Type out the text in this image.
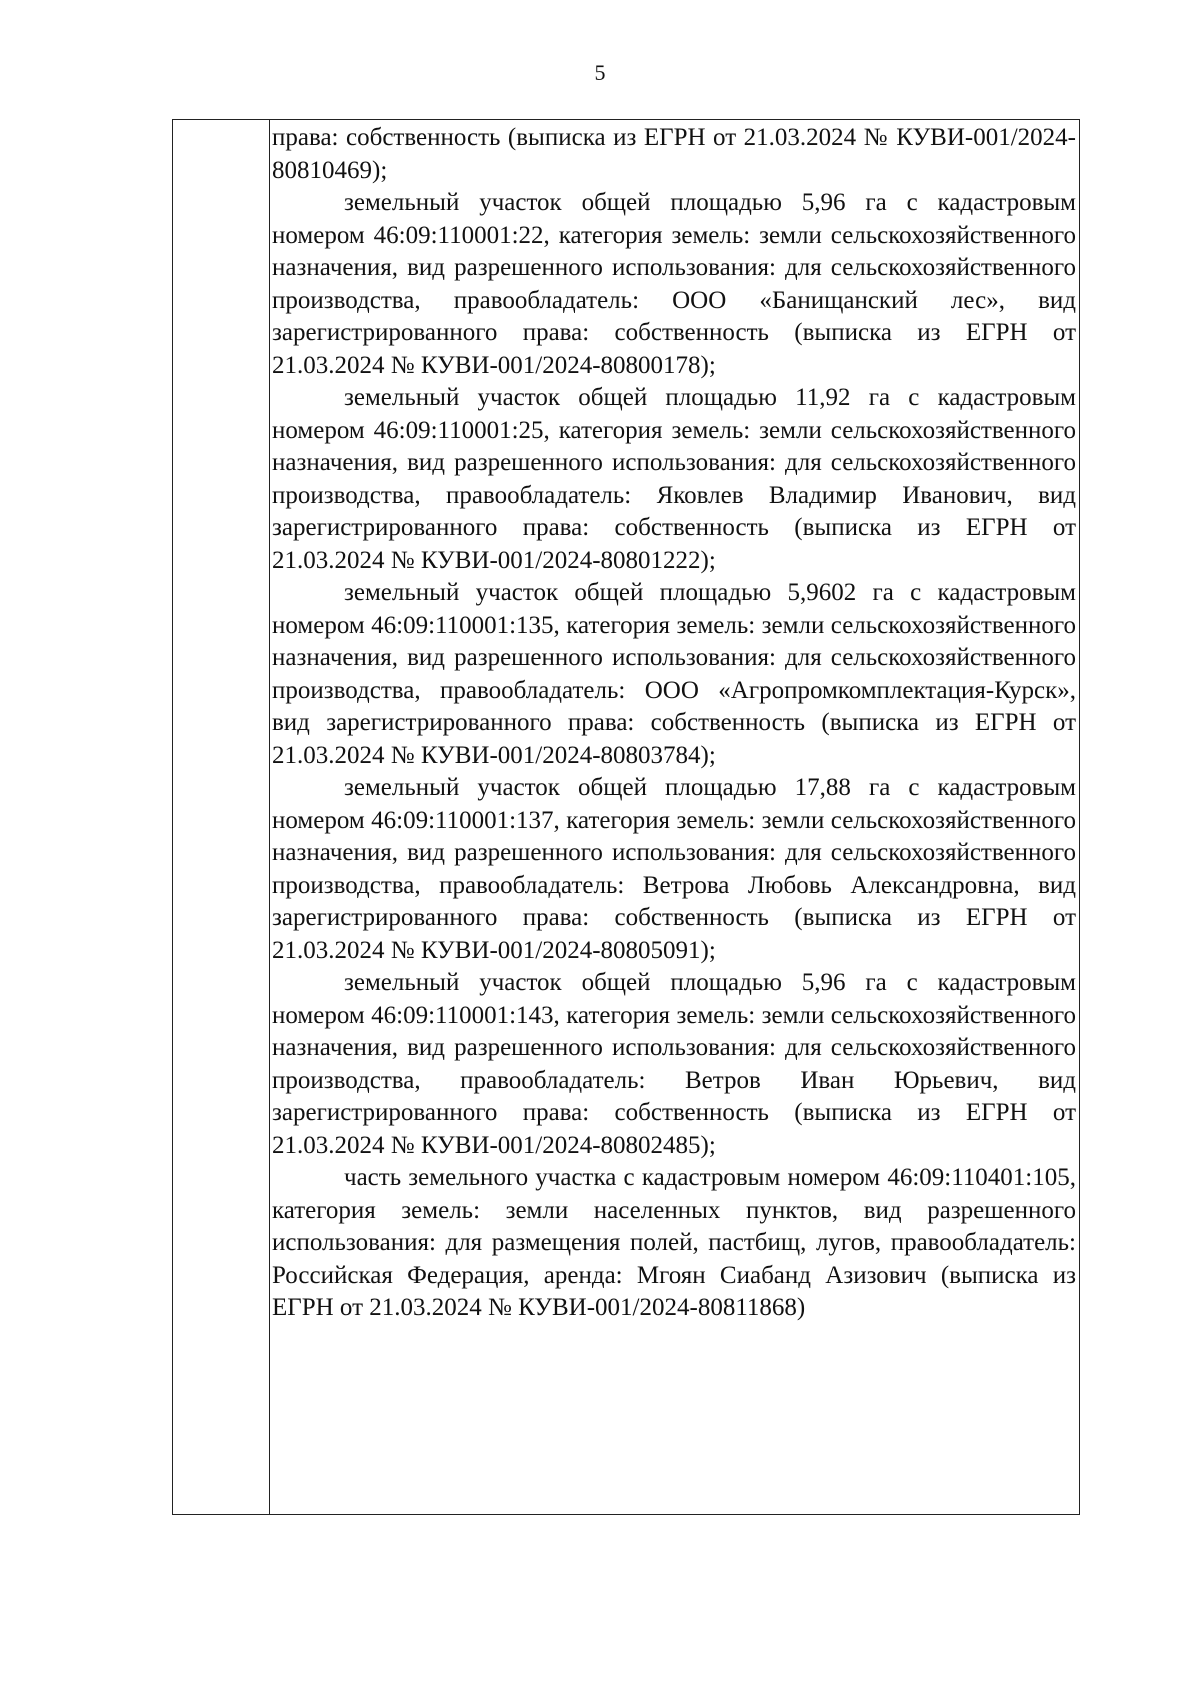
5

права: собственность (выписка из ЕГРН от 21.03.2024 № КУВИ-001/2024-80810469);

земельный участок общей площадью 5,96 га с кадастровым номером 46:09:110001:22, категория земель: земли сельскохозяйственного назначения, вид разрешенного использования: для сельскохозяйственного производства, правообладатель: ООО «Банищанский лес», вид зарегистрированного права: собственность (выписка из ЕГРН от 21.03.2024 № КУВИ-001/2024-80800178);

земельный участок общей площадью 11,92 га с кадастровым номером 46:09:110001:25, категория земель: земли сельскохозяйственного назначения, вид разрешенного использования: для сельскохозяйственного производства, правообладатель: Яковлев Владимир Иванович, вид зарегистрированного права: собственность (выписка из ЕГРН от 21.03.2024 № КУВИ-001/2024-80801222);

земельный участок общей площадью 5,9602 га с кадастровым номером 46:09:110001:135, категория земель: земли сельскохозяйственного назначения, вид разрешенного использования: для сельскохозяйственного производства, правообладатель: ООО «Агропромкомплектация-Курск», вид зарегистрированного права: собственность (выписка из ЕГРН от 21.03.2024 № КУВИ-001/2024-80803784);

земельный участок общей площадью 17,88 га с кадастровым номером 46:09:110001:137, категория земель: земли сельскохозяйственного назначения, вид разрешенного использования: для сельскохозяйственного производства, правообладатель: Ветрова Любовь Александровна, вид зарегистрированного права: собственность (выписка из ЕГРН от 21.03.2024 № КУВИ-001/2024-80805091);

земельный участок общей площадью 5,96 га с кадастровым номером 46:09:110001:143, категория земель: земли сельскохозяйственного назначения, вид разрешенного использования: для сельскохозяйственного производства, правообладатель: Ветров Иван Юрьевич, вид зарегистрированного права: собственность (выписка из ЕГРН от 21.03.2024 № КУВИ-001/2024-80802485);

часть земельного участка с кадастровым номером 46:09:110401:105, категория земель: земли населенных пунктов, вид разрешенного использования: для размещения полей, пастбищ, лугов, правообладатель: Российская Федерация, аренда: Мгоян Сиабанд Азизович (выписка из ЕГРН от 21.03.2024 № КУВИ-001/2024-80811868)
